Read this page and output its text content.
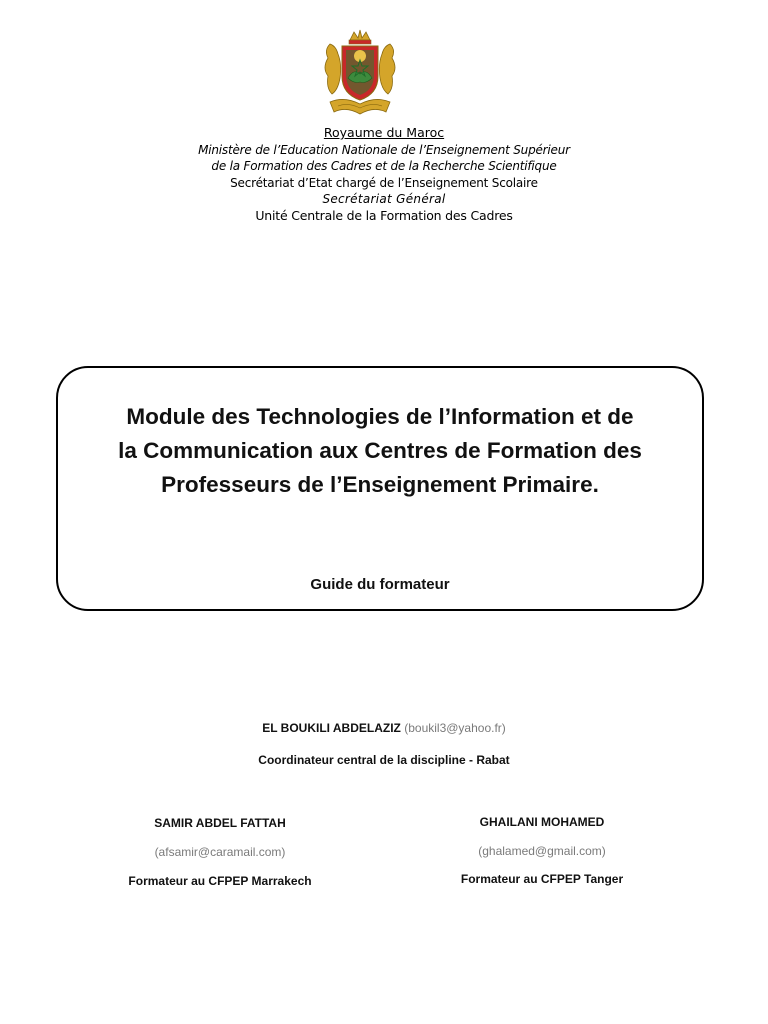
Royaume du Maroc
Ministère de l’Education Nationale de l’Enseignement Supérieur
de la Formation des Cadres et de la Recherche Scientifique
Secrétariat d’Etat chargé de l’Enseignement Scolaire
Secrétariat Général
Unité Centrale de la Formation des Cadres
Module des Technologies de l’Information et de
la Communication aux Centres de Formation des
Professeurs de l’Enseignement Primaire.
Guide du formateur
EL BOUKILI ABDELAZIZ (boukil3@yahoo.fr)
Coordinateur central de la discipline - Rabat
SAMIR ABDEL FATTAH
(afsamir@caramail.com)
Formateur au CFPEP Marrakech
GHAILANI MOHAMED
(ghalamed@gmail.com)
Formateur au CFPEP Tanger
